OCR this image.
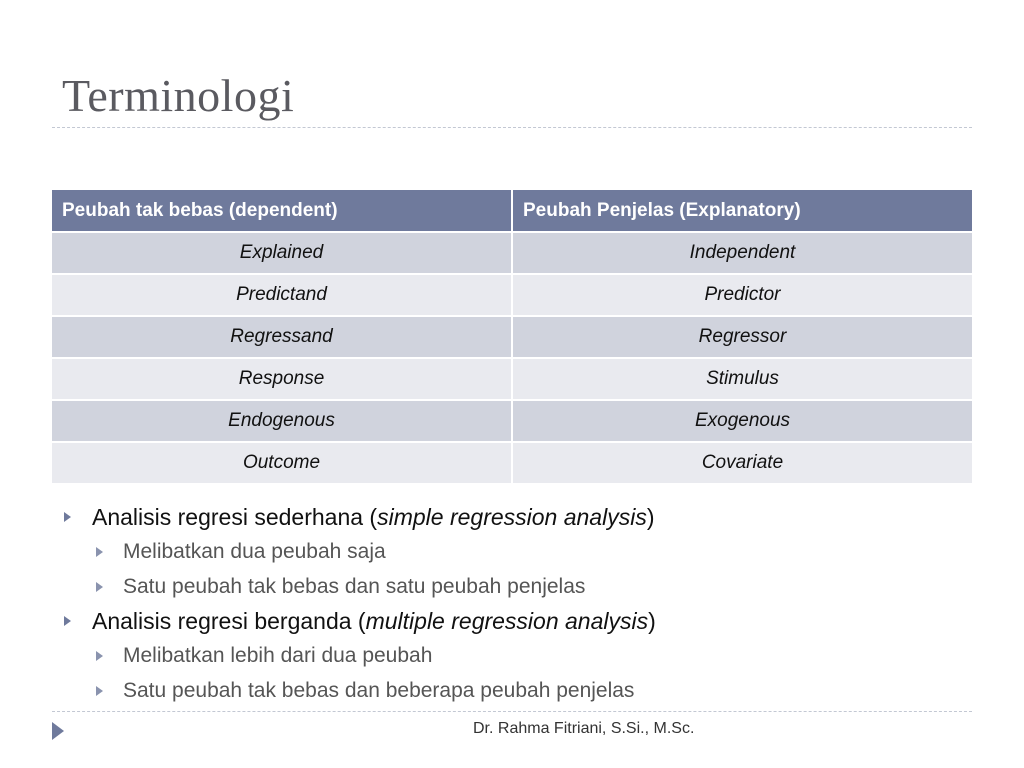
Terminologi
Peubah tak bebas (dependent)	Peubah Penjelas (Explanatory)
Explained	Independent
Predictand	Predictor
Regressand	Regressor
Response	Stimulus
Endogenous	Exogenous
Outcome	Covariate
Analisis regresi sederhana (simple regression analysis)
Melibatkan dua peubah saja
Satu peubah tak bebas dan satu peubah penjelas
Analisis regresi berganda (multiple regression analysis)
Melibatkan lebih dari dua peubah
Satu peubah tak bebas dan beberapa peubah penjelas
Dr. Rahma Fitriani, S.Si., M.Sc.
